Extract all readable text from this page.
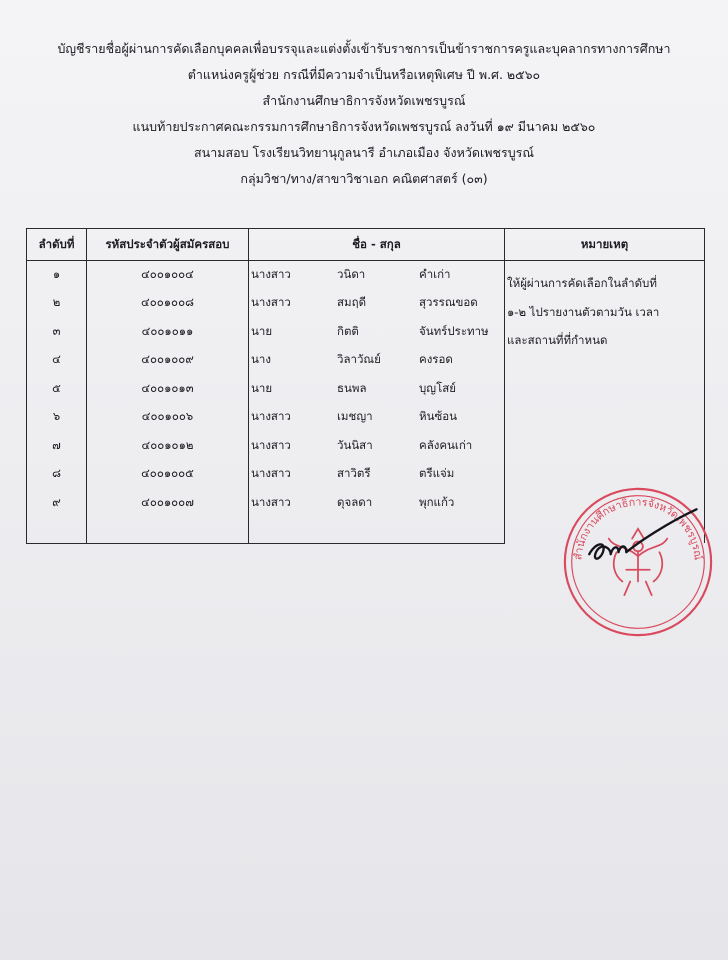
บัญชีรายชื่อผู้ผ่านการคัดเลือกบุคคลเพื่อบรรจุและแต่งตั้งเข้ารับราชการเป็นข้าราชการครูและบุคลากรทางการศึกษา
ตำแหน่งครูผู้ช่วย กรณีที่มีความจำเป็นหรือเหตุพิเศษ ปี พ.ศ. ๒๕๖๐
สำนักงานศึกษาธิการจังหวัดเพชรบูรณ์
แนบท้ายประกาศคณะกรรมการศึกษาธิการจังหวัดเพชรบูรณ์ ลงวันที่ ๑๙ มีนาคม ๒๕๖๐
สนามสอบ โรงเรียนวิทยานุกูลนารี อำเภอเมือง จังหวัดเพชรบูรณ์
กลุ่มวิชา/ทาง/สาขาวิชาเอก คณิตศาสตร์ (๐๓)
ลำดับที่	รหัสประจำตัวผู้สมัครสอบ	ชื่อ - สกุล	หมายเหตุ
๑	๔๐๐๑๐๐๔	นางสาว วนิดา คำเก่า	ให้ผู้ผ่านการคัดเลือกในลำดับที่
๑-๒ ไปรายงานตัวตามวัน เวลา
และสถานที่ที่กำหนด

๒	๔๐๐๑๐๐๘	นางสาว สมฤดี สุวรรณขอด	
๓	๔๐๐๑๐๑๑	นาย กิตติ จันทร์ประทาษ	
๔	๔๐๐๑๐๐๙	นาง วิลาวัณย์ คงรอด	
๕	๔๐๐๑๐๑๓	นาย ธนพล บุญโสย์	
๖	๔๐๐๑๐๐๖	นางสาว เมชญา หินซ้อน	
๗	๔๐๐๑๐๑๒	นางสาว วันนิสา คลังคนเก่า	
๘	๔๐๐๑๐๐๕	นางสาว สาวิตรี ตรีแจ่ม	
๙	๔๐๐๑๐๐๗	นางสาว ดุจลดา พุกแก้ว	

สำนักงานศึกษาธิการจังหวัดเพชรบูรณ์
